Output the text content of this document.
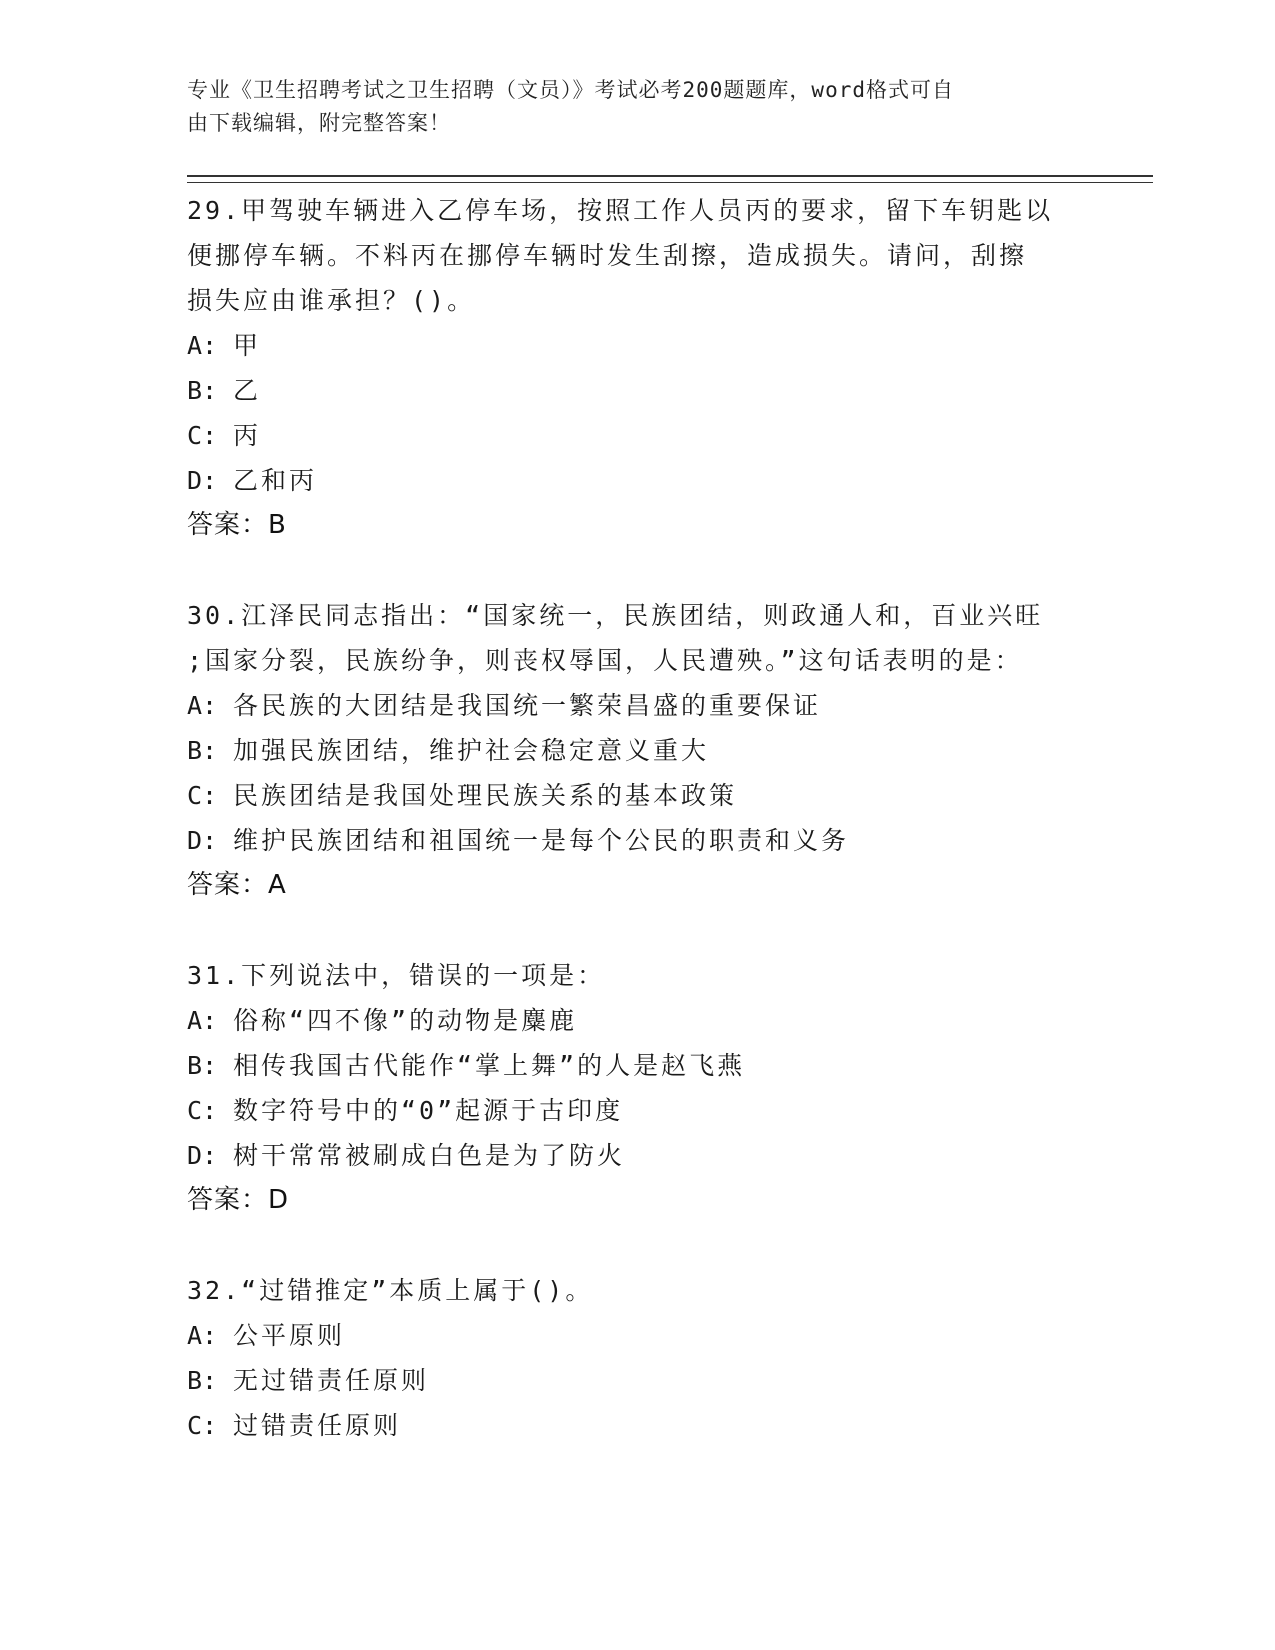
专业《卫生招聘考试之卫生招聘（文员）》考试必考200题题库，word格式可自
由下载编辑，附完整答案！

29.甲驾驶车辆进入乙停车场，按照工作人员丙的要求，留下车钥匙以

便挪停车辆。不料丙在挪停车辆时发生刮擦，造成损失。请问，刮擦

损失应由谁承担？()。

A: 甲

B: 乙

C: 丙

D: 乙和丙

答案：B

30.江泽民同志指出：“国家统一，民族团结，则政通人和，百业兴旺

;国家分裂，民族纷争，则丧权辱国，人民遭殃。”这句话表明的是：

A: 各民族的大团结是我国统一繁荣昌盛的重要保证

B: 加强民族团结，维护社会稳定意义重大

C: 民族团结是我国处理民族关系的基本政策

D: 维护民族团结和祖国统一是每个公民的职责和义务

答案：A

31.下列说法中，错误的一项是：

A: 俗称“四不像”的动物是麋鹿

B: 相传我国古代能作“掌上舞”的人是赵飞燕

C: 数字符号中的“0”起源于古印度

D: 树干常常被刷成白色是为了防火

答案：D

32.“过错推定”本质上属于()。

A: 公平原则

B: 无过错责任原则

C: 过错责任原则
